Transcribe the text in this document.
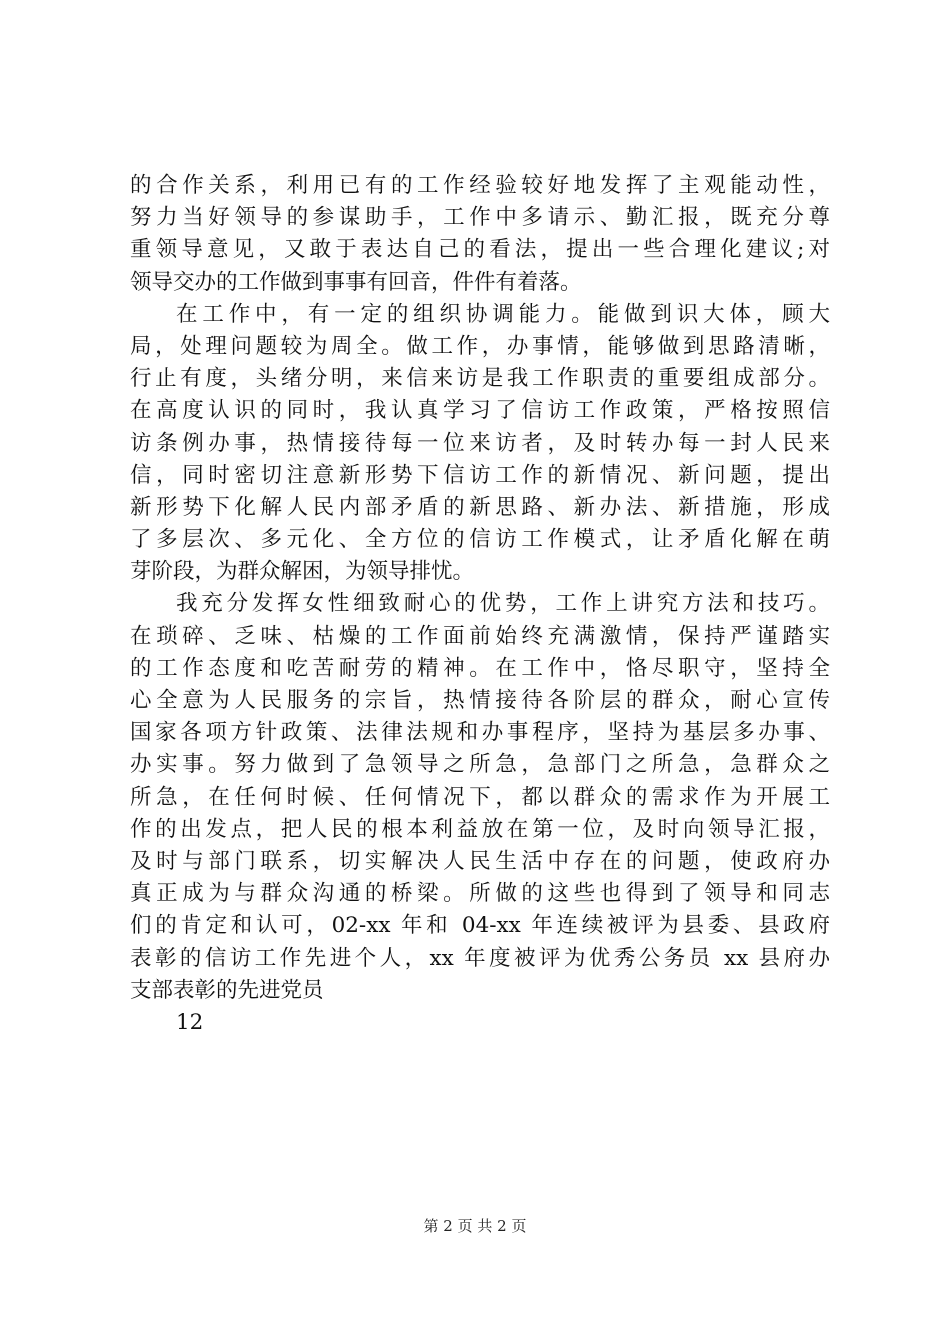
的合作关系，利用已有的工作经验较好地发挥了主观能动性，
努力当好领导的参谋助手，工作中多请示、勤汇报，既充分尊
重领导意见，又敢于表达自己的看法，提出一些合理化建议;对
领导交办的工作做到事事有回音，件件有着落。
在工作中，有一定的组织协调能力。能做到识大体，顾大
局，处理问题较为周全。做工作，办事情，能够做到思路清晰，
行止有度，头绪分明，来信来访是我工作职责的重要组成部分。
在高度认识的同时，我认真学习了信访工作政策，严格按照信
访条例办事，热情接待每一位来访者，及时转办每一封人民来
信，同时密切注意新形势下信访工作的新情况、新问题，提出
新形势下化解人民内部矛盾的新思路、新办法、新措施，形成
了多层次、多元化、全方位的信访工作模式，让矛盾化解在萌
芽阶段，为群众解困，为领导排忧。
我充分发挥女性细致耐心的优势，工作上讲究方法和技巧。
在琐碎、乏味、枯燥的工作面前始终充满激情，保持严谨踏实
的工作态度和吃苦耐劳的精神。在工作中，恪尽职守，坚持全
心全意为人民服务的宗旨，热情接待各阶层的群众，耐心宣传
国家各项方针政策、法律法规和办事程序，坚持为基层多办事、
办实事。努力做到了急领导之所急，急部门之所急，急群众之
所急，在任何时候、任何情况下，都以群众的需求作为开展工
作的出发点，把人民的根本利益放在第一位，及时向领导汇报，
及时与部门联系，切实解决人民生活中存在的问题，使政府办
真正成为与群众沟通的桥梁。所做的这些也得到了领导和同志
们的肯定和认可，02-xx 年和 04-xx 年连续被评为县委、县政府
表彰的信访工作先进个人，xx 年度被评为优秀公务员 xx 县府办
支部表彰的先进党员
12
第 2 页 共 2 页
